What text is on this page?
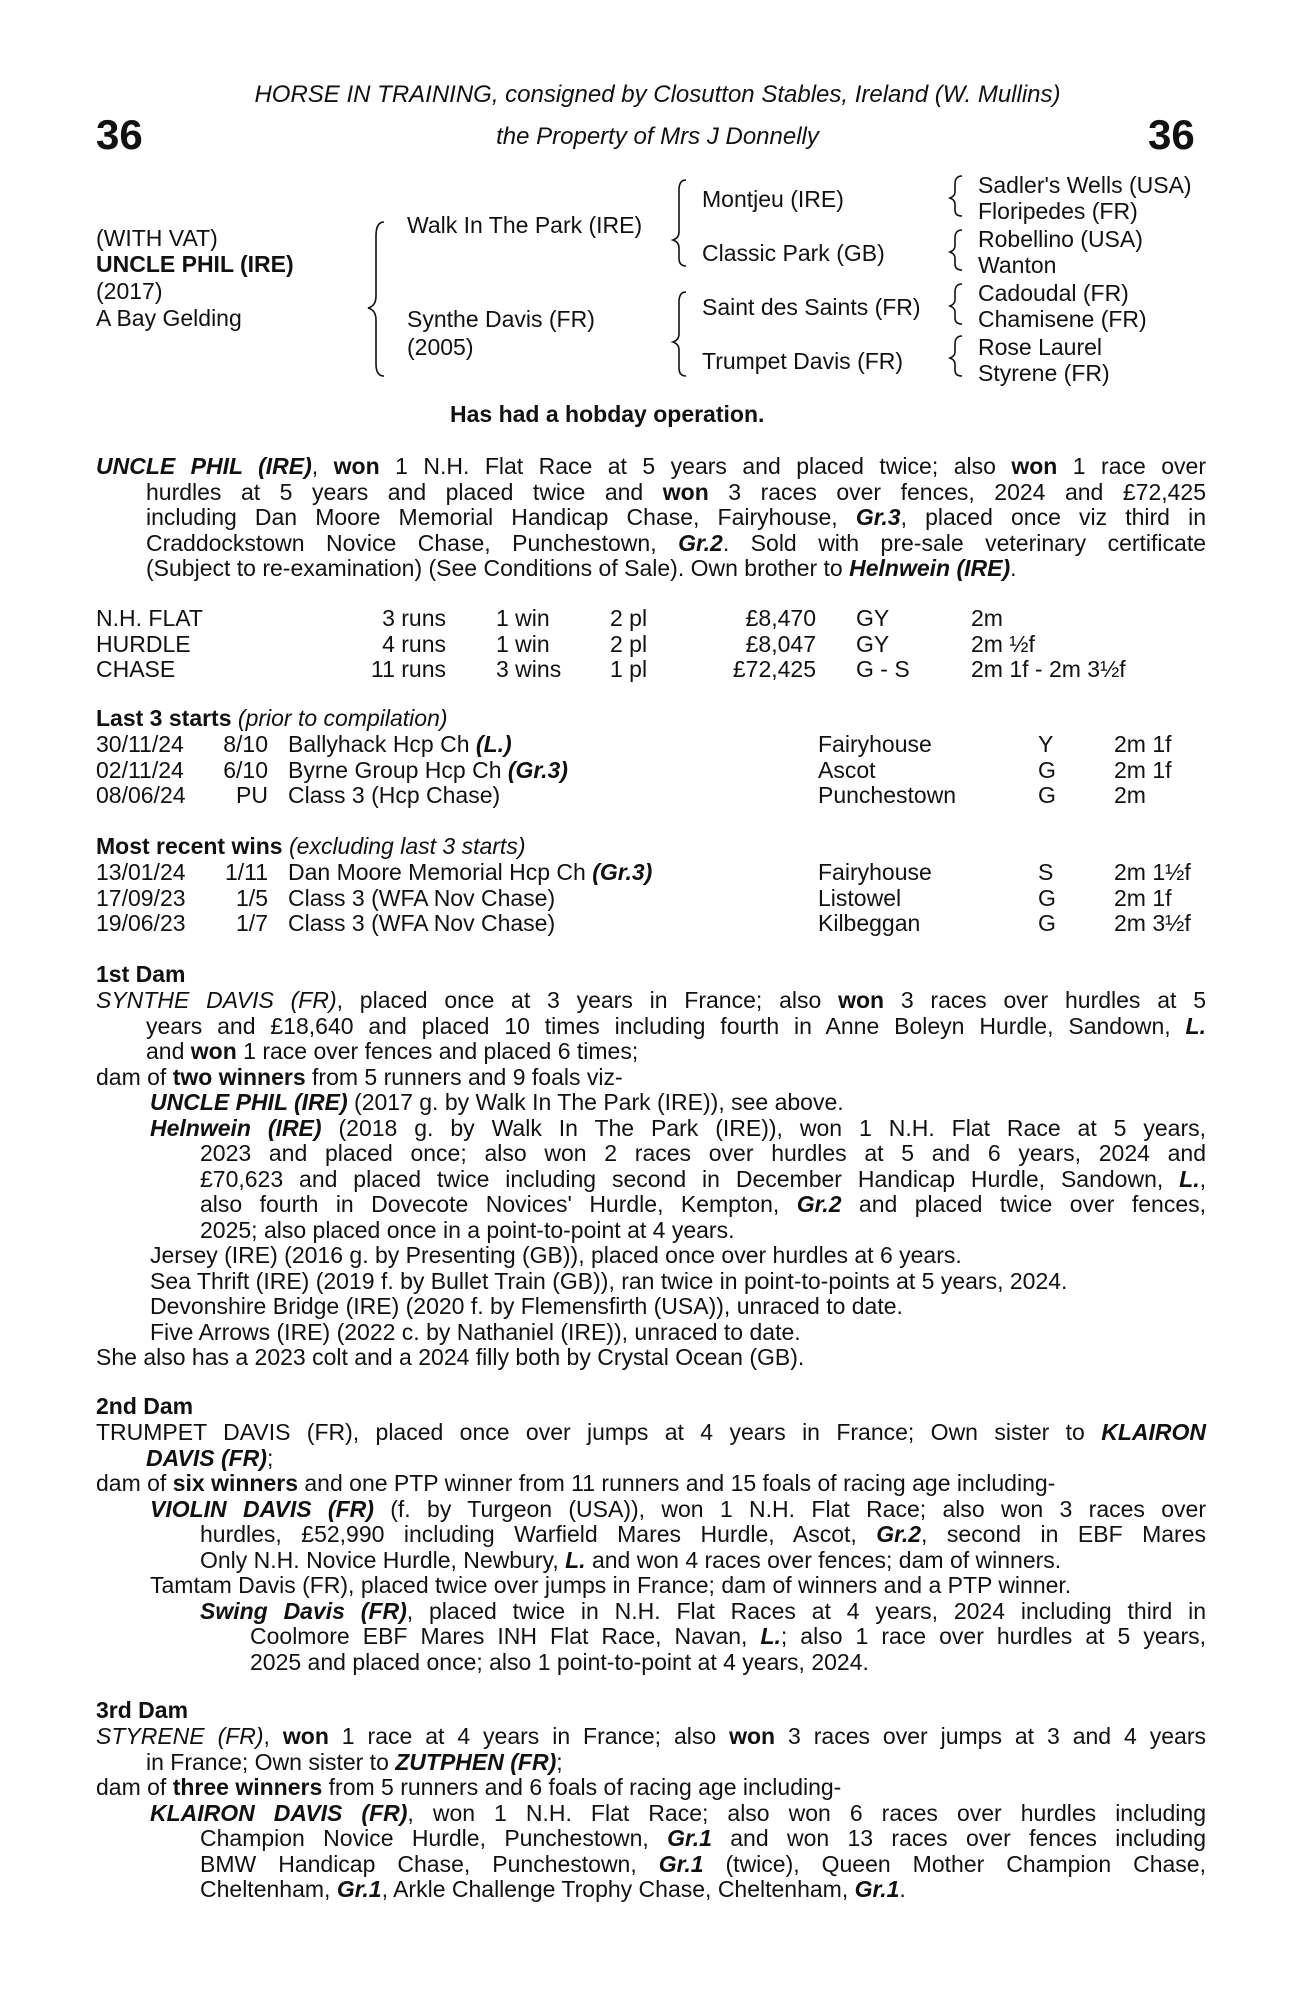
36	36
HORSE IN TRAINING, consigned by Closutton Stables, Ireland (W. Mullins)
the Property of Mrs J Donnelly
(WITH VAT)
UNCLE PHIL (IRE)
(2017)
A Bay Gelding
Walk In The Park (IRE)
Synthe Davis (FR)
(2005)
Montjeu (IRE)
Classic Park (GB)
Saint des Saints (FR)
Trumpet Davis (FR)
Sadler's Wells (USA)
Floripedes (FR)
Robellino (USA)
Wanton
Cadoudal (FR)
Chamisene (FR)
Rose Laurel
Styrene (FR)
Has had a hobday operation.
UNCLE PHIL (IRE), won 1 N.H. Flat Race at 5 years and placed twice; also won 1 race over
hurdles at 5 years and placed twice and won 3 races over fences, 2024 and £72,425
including Dan Moore Memorial Handicap Chase, Fairyhouse, Gr.3, placed once viz third in
Craddockstown Novice Chase, Punchestown, Gr.2. Sold with pre-sale veterinary certificate
(Subject to re-examination) (See Conditions of Sale). Own brother to Helnwein (IRE).
N.H. FLAT	3 runs 1 win	2 pl	£8,470 GY	2m
HURDLE	4 runs 1 win	2 pl	£8,047 GY	2m ½f
CHASE	11 runs 3 wins 1 pl	£72,425 G - S	2m 1f - 2m 3½f
Last 3 starts (prior to compilation)
30/11/24	8/10 Ballyhack Hcp Ch (L.)	Fairyhouse	Y	2m 1f
02/11/24	6/10 Byrne Group Hcp Ch (Gr.3)	Ascot	G	2m 1f
08/06/24	PU Class 3 (Hcp Chase)	Punchestown	G	2m
Most recent wins (excluding last 3 starts)
13/01/24	1/11 Dan Moore Memorial Hcp Ch (Gr.3)	Fairyhouse	S	2m 1½f
17/09/23	1/5 Class 3 (WFA Nov Chase)	Listowel	G	2m 1f
19/06/23	1/7 Class 3 (WFA Nov Chase)	Kilbeggan	G	2m 3½f
1st Dam
SYNTHE DAVIS (FR), placed once at 3 years in France; also won 3 races over hurdles at 5
years and £18,640 and placed 10 times including fourth in Anne Boleyn Hurdle, Sandown, L.
and won 1 race over fences and placed 6 times;
dam of two winners from 5 runners and 9 foals viz-
UNCLE PHIL (IRE) (2017 g. by Walk In The Park (IRE)), see above.
Helnwein (IRE) (2018 g. by Walk In The Park (IRE)), won 1 N.H. Flat Race at 5 years,
2023 and placed once; also won 2 races over hurdles at 5 and 6 years, 2024 and
£70,623 and placed twice including second in December Handicap Hurdle, Sandown, L.,
also fourth in Dovecote Novices' Hurdle, Kempton, Gr.2 and placed twice over fences,
2025; also placed once in a point-to-point at 4 years.
Jersey (IRE) (2016 g. by Presenting (GB)), placed once over hurdles at 6 years.
Sea Thrift (IRE) (2019 f. by Bullet Train (GB)), ran twice in point-to-points at 5 years, 2024.
Devonshire Bridge (IRE) (2020 f. by Flemensfirth (USA)), unraced to date.
Five Arrows (IRE) (2022 c. by Nathaniel (IRE)), unraced to date.
She also has a 2023 colt and a 2024 filly both by Crystal Ocean (GB).
2nd Dam
TRUMPET DAVIS (FR), placed once over jumps at 4 years in France; Own sister to KLAIRON
DAVIS (FR);
dam of six winners and one PTP winner from 11 runners and 15 foals of racing age including-
VIOLIN DAVIS (FR) (f. by Turgeon (USA)), won 1 N.H. Flat Race; also won 3 races over
hurdles, £52,990 including Warfield Mares Hurdle, Ascot, Gr.2, second in EBF Mares
Only N.H. Novice Hurdle, Newbury, L. and won 4 races over fences; dam of winners.
Tamtam Davis (FR), placed twice over jumps in France; dam of winners and a PTP winner.
Swing Davis (FR), placed twice in N.H. Flat Races at 4 years, 2024 including third in
Coolmore EBF Mares INH Flat Race, Navan, L.; also 1 race over hurdles at 5 years,
2025 and placed once; also 1 point-to-point at 4 years, 2024.
3rd Dam
STYRENE (FR), won 1 race at 4 years in France; also won 3 races over jumps at 3 and 4 years
in France; Own sister to ZUTPHEN (FR);
dam of three winners from 5 runners and 6 foals of racing age including-
KLAIRON DAVIS (FR), won 1 N.H. Flat Race; also won 6 races over hurdles including
Champion Novice Hurdle, Punchestown, Gr.1 and won 13 races over fences including
BMW Handicap Chase, Punchestown, Gr.1 (twice), Queen Mother Champion Chase,
Cheltenham, Gr.1, Arkle Challenge Trophy Chase, Cheltenham, Gr.1.
